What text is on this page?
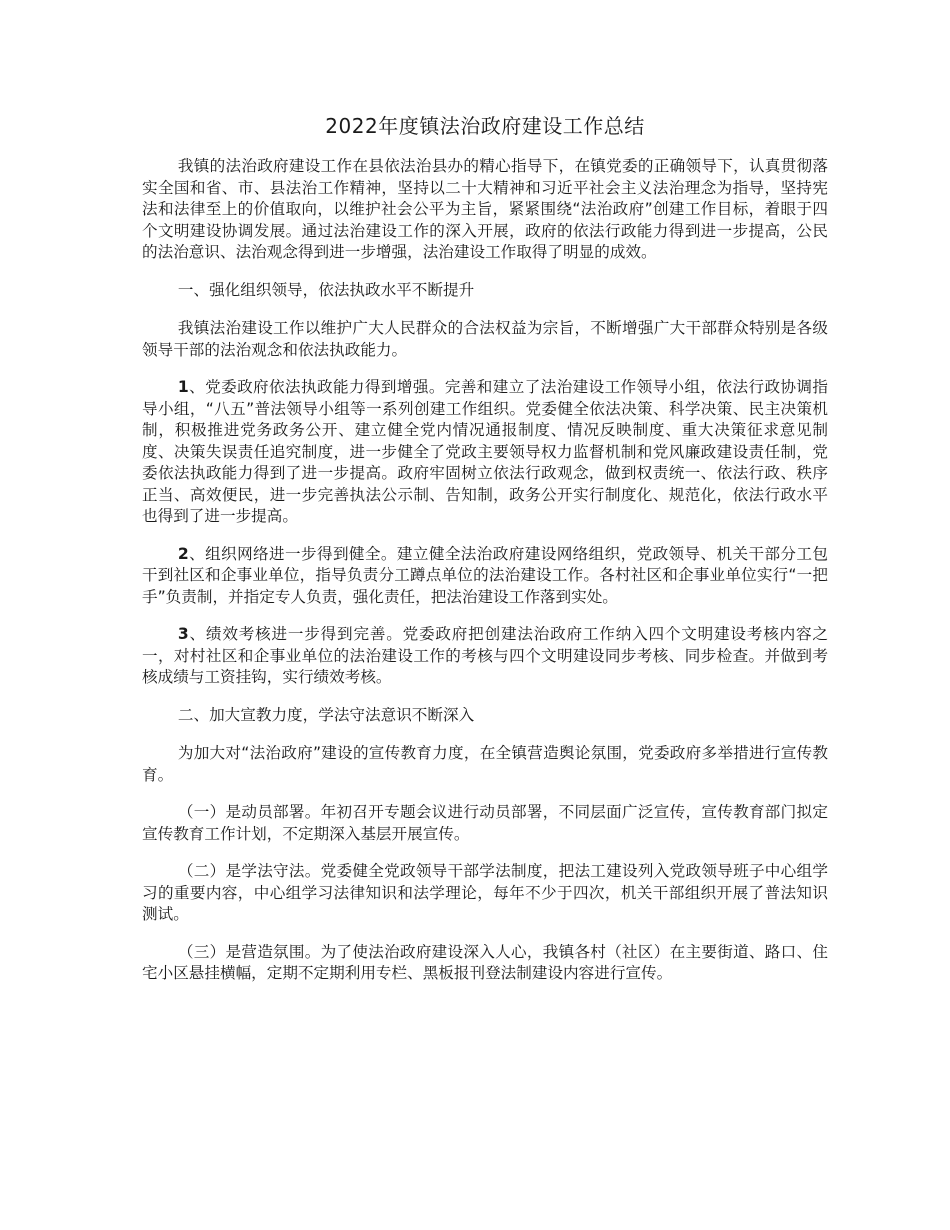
2022年度镇法治政府建设工作总结

我镇的法治政府建设工作在县依法治县办的精心指导下，在镇党委的正确领导下，认真贯彻落实全国和省、市、县法治工作精神，坚持以二十大精神和习近平社会主义法治理念为指导，坚持宪法和法律至上的价值取向，以维护社会公平为主旨，紧紧围绕“法治政府”创建工作目标，着眼于四个文明建设协调发展。通过法治建设工作的深入开展，政府的依法行政能力得到进一步提高，公民的法治意识、法治观念得到进一步增强，法治建设工作取得了明显的成效。

一、强化组织领导，依法执政水平不断提升

我镇法治建设工作以维护广大人民群众的合法权益为宗旨，不断增强广大干部群众特别是各级领导干部的法治观念和依法执政能力。

1、党委政府依法执政能力得到增强。完善和建立了法治建设工作领导小组，依法行政协调指导小组，“八五”普法领导小组等一系列创建工作组织。党委健全依法决策、科学决策、民主决策机制，积极推进党务政务公开、建立健全党内情况通报制度、情况反映制度、重大决策征求意见制度、决策失误责任追究制度，进一步健全了党政主要领导权力监督机制和党风廉政建设责任制，党委依法执政能力得到了进一步提高。政府牢固树立依法行政观念，做到权责统一、依法行政、秩序正当、高效便民，进一步完善执法公示制、告知制，政务公开实行制度化、规范化，依法行政水平也得到了进一步提高。

2、组织网络进一步得到健全。建立健全法治政府建设网络组织，党政领导、机关干部分工包干到社区和企事业单位，指导负责分工蹲点单位的法治建设工作。各村社区和企事业单位实行“一把手”负责制，并指定专人负责，强化责任，把法治建设工作落到实处。

3、绩效考核进一步得到完善。党委政府把创建法治政府工作纳入四个文明建设考核内容之一，对村社区和企事业单位的法治建设工作的考核与四个文明建设同步考核、同步检查。并做到考核成绩与工资挂钩，实行绩效考核。

二、加大宣教力度，学法守法意识不断深入

为加大对“法治政府”建设的宣传教育力度，在全镇营造舆论氛围，党委政府多举措进行宣传教育。

（一）是动员部署。年初召开专题会议进行动员部署，不同层面广泛宣传，宣传教育部门拟定宣传教育工作计划，不定期深入基层开展宣传。

（二）是学法守法。党委健全党政领导干部学法制度，把法工建设列入党政领导班子中心组学习的重要内容，中心组学习法律知识和法学理论，每年不少于四次，机关干部组织开展了普法知识测试。

（三）是营造氛围。为了使法治政府建设深入人心，我镇各村（社区）在主要街道、路口、住宅小区悬挂横幅，定期不定期利用专栏、黑板报刊登法制建设内容进行宣传。
